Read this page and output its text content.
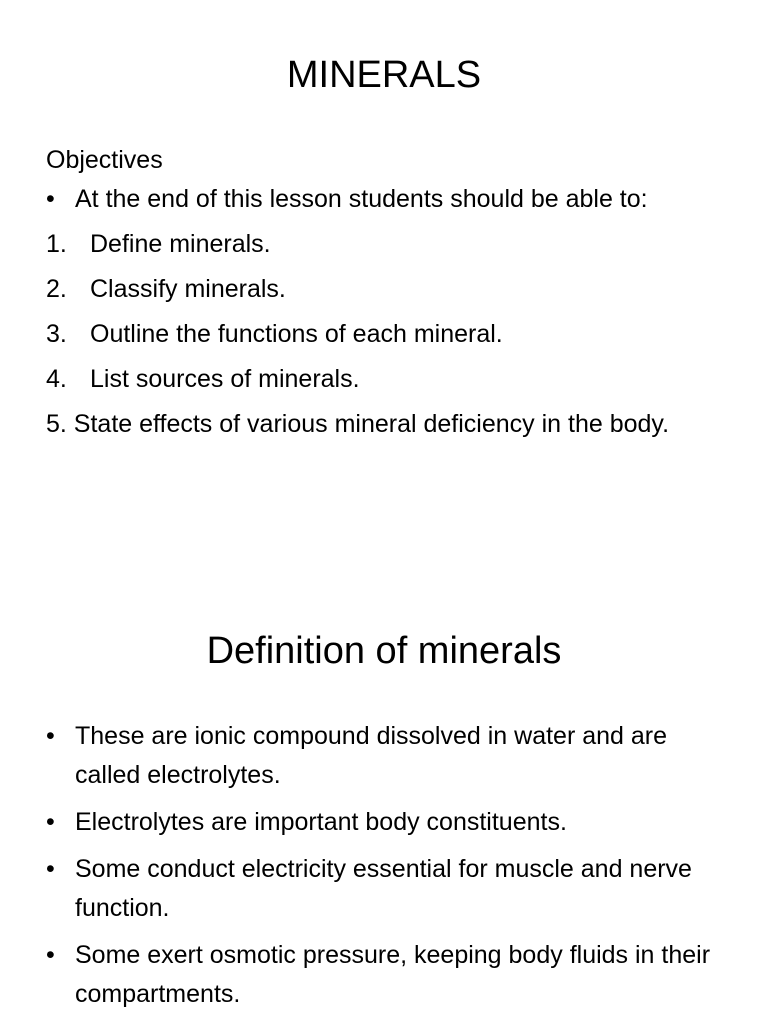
MINERALS

Objectives

• At the end of this lesson students should be able to:
1. Define minerals.
2. Classify minerals.
3. Outline the functions of each mineral.
4. List sources of minerals.

5. State effects of various mineral deficiency in the body.

Definition of minerals
• These are ionic compound dissolved in water and are called electrolytes.
• Electrolytes are important body constituents.
• Some conduct electricity essential for muscle and nerve function.
• Some exert osmotic pressure, keeping body fluids in their compartments.
